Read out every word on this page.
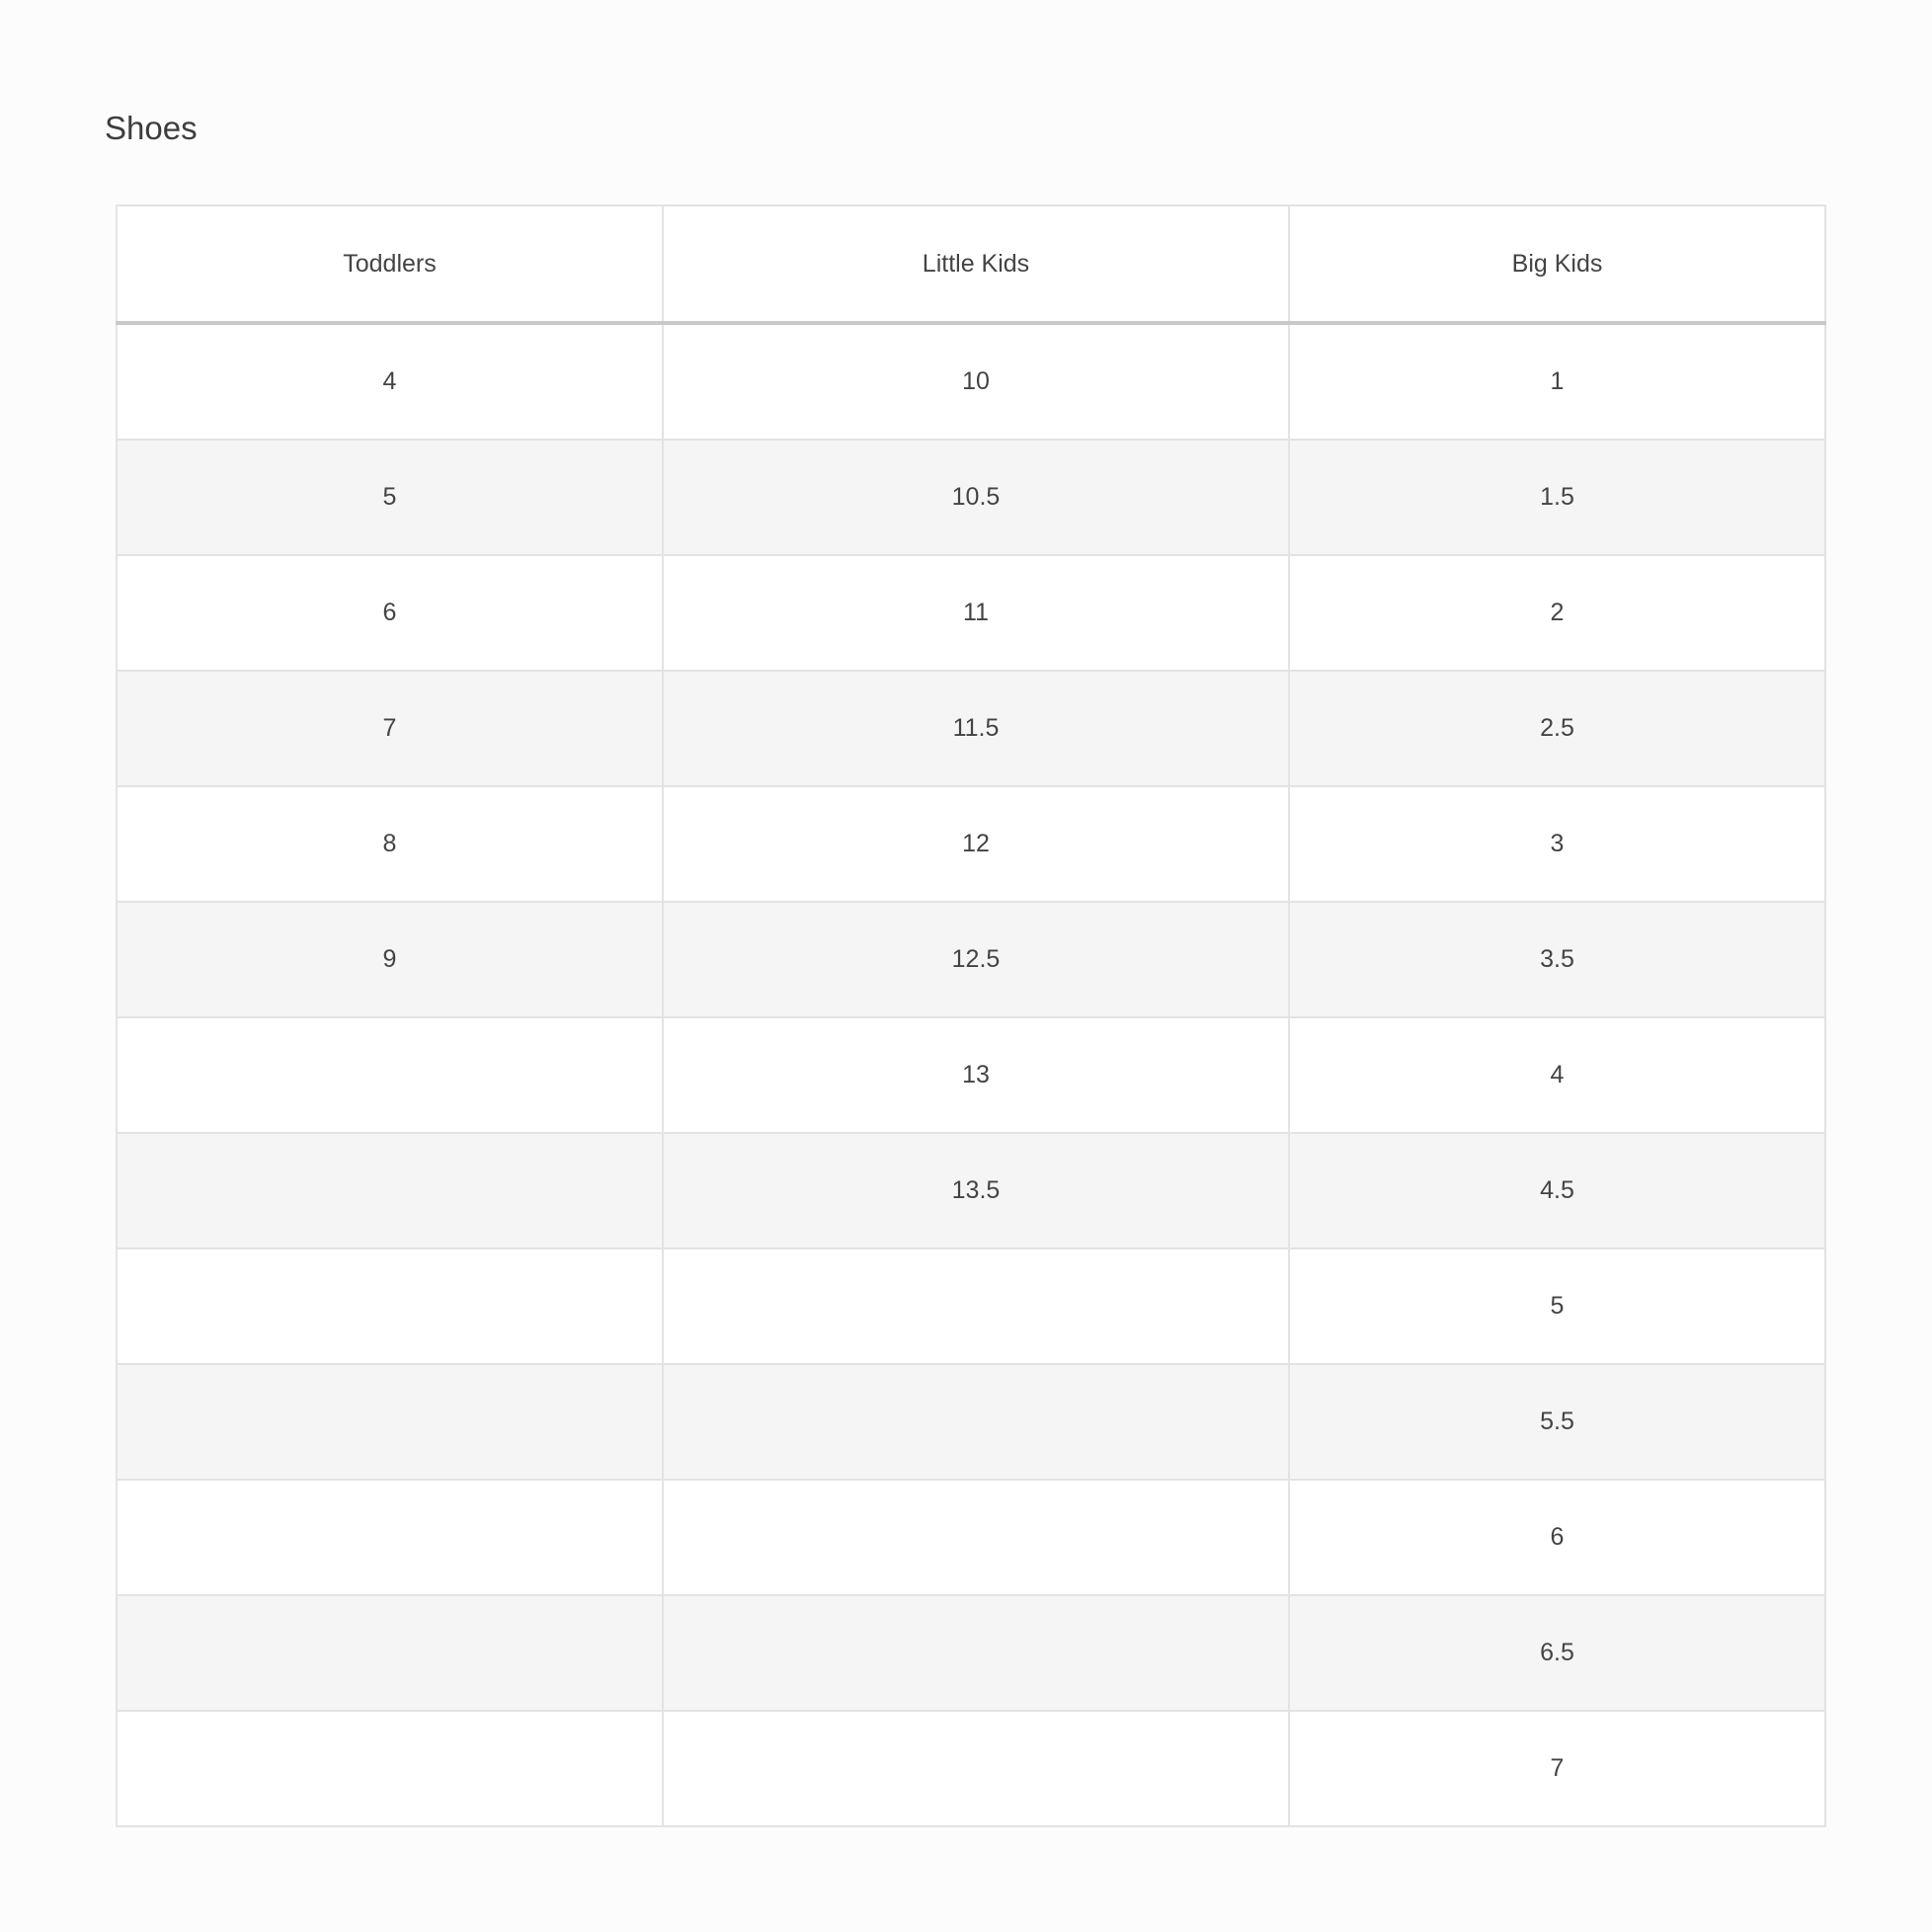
Shoes
Toddlers	Little Kids	Big Kids
4	10	1
5	10.5	1.5
6	11	2
7	11.5	2.5
8	12	3
9	12.5	3.5
	13	4
	13.5	4.5
		5
		5.5
		6
		6.5
		7
